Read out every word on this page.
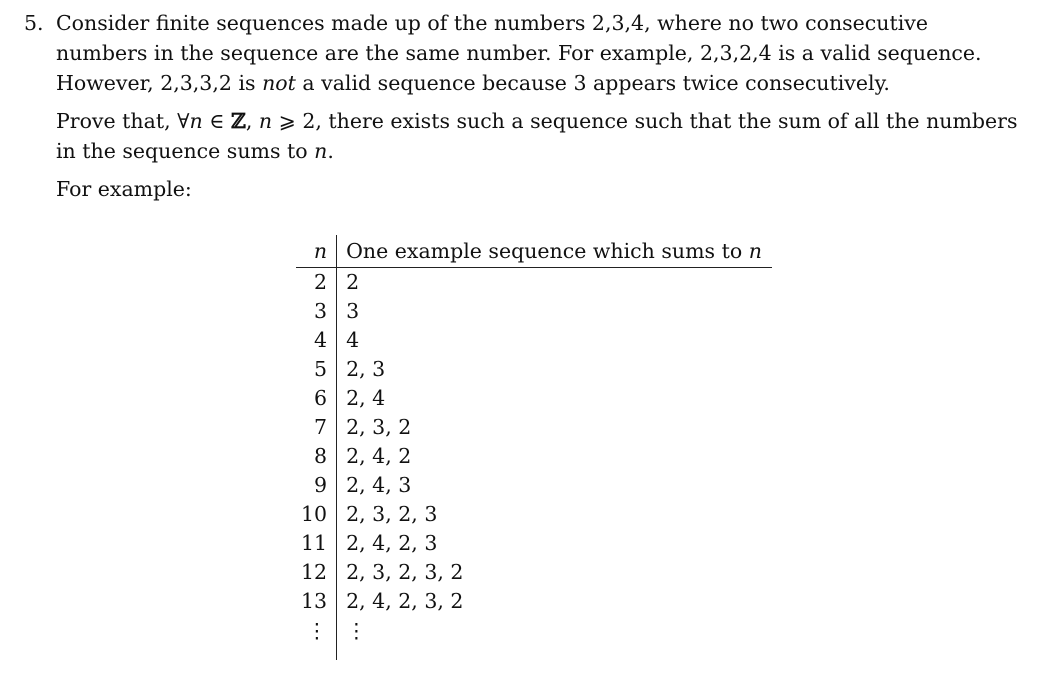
5. Consider finite sequences made up of the numbers 2,3,4, where no two consecutive numbers in the sequence are the same number. For example, 2,3,2,4 is a valid sequence. However, 2,3,3,2 is not a valid sequence because 3 appears twice consecutively.
Prove that, ∀n ∈ ℤ, n ⩾ 2, there exists such a sequence such that the sum of all the numbers in the sequence sums to n.
For example:
n	One example sequence which sums to n
2	2
3	3
4	4
5	2, 3
6	2, 4
7	2, 3, 2
8	2, 4, 2
9	2, 4, 3
10	2, 3, 2, 3
11	2, 4, 2, 3
12	2, 3, 2, 3, 2
13	2, 4, 2, 3, 2
⋮	⋮
